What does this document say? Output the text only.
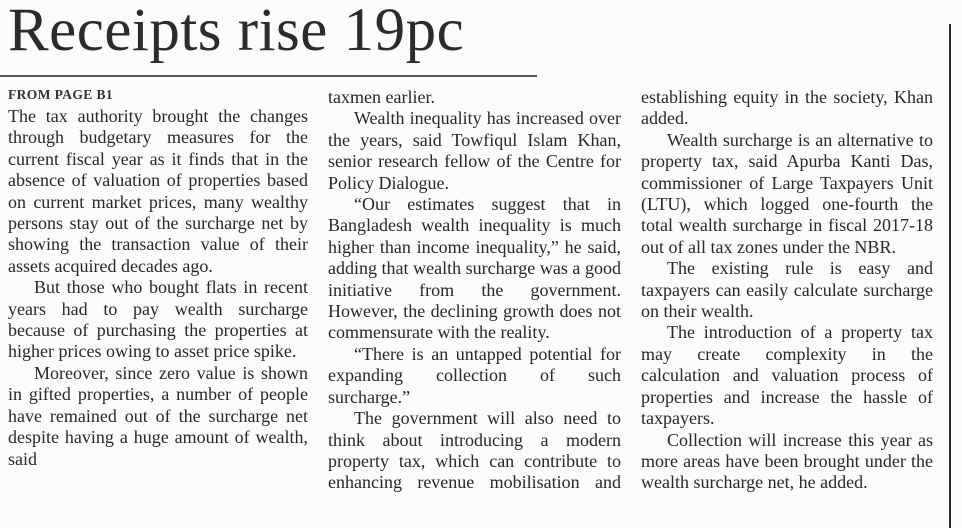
Receipts rise 19pc
FROM PAGE B1

The tax authority brought the changes through budgetary measures for the current fiscal year as it finds that in the absence of valuation of properties based on current market prices, many wealthy persons stay out of the surcharge net by showing the transaction value of their assets acquired decades ago.

But those who bought flats in recent years had to pay wealth surcharge because of purchasing the properties at higher prices owing to asset price spike.

Moreover, since zero value is shown in gifted properties, a number of people have remained out of the surcharge net despite having a huge amount of wealth, said

taxmen earlier.

Wealth inequality has increased over the years, said Towfiqul Islam Khan, senior research fellow of the Centre for Policy Dialogue.

“Our estimates suggest that in Bangladesh wealth inequality is much higher than income inequality,” he said, adding that wealth surcharge was a good initiative from the government. However, the declining growth does not commensurate with the reality.

“There is an untapped potential for expanding collection of such surcharge.”

The government will also need to think about introducing a modern property tax, which can contribute to enhancing revenue mobilisation and

establishing equity in the society, Khan added.

Wealth surcharge is an alternative to property tax, said Apurba Kanti Das, commissioner of Large Taxpayers Unit (LTU), which logged one-fourth the total wealth surcharge in fiscal 2017-18 out of all tax zones under the NBR.

The existing rule is easy and taxpayers can easily calculate surcharge on their wealth.

The introduction of a property tax may create complexity in the calculation and valuation process of properties and increase the hassle of taxpayers.

Collection will increase this year as more areas have been brought under the wealth surcharge net, he added.
